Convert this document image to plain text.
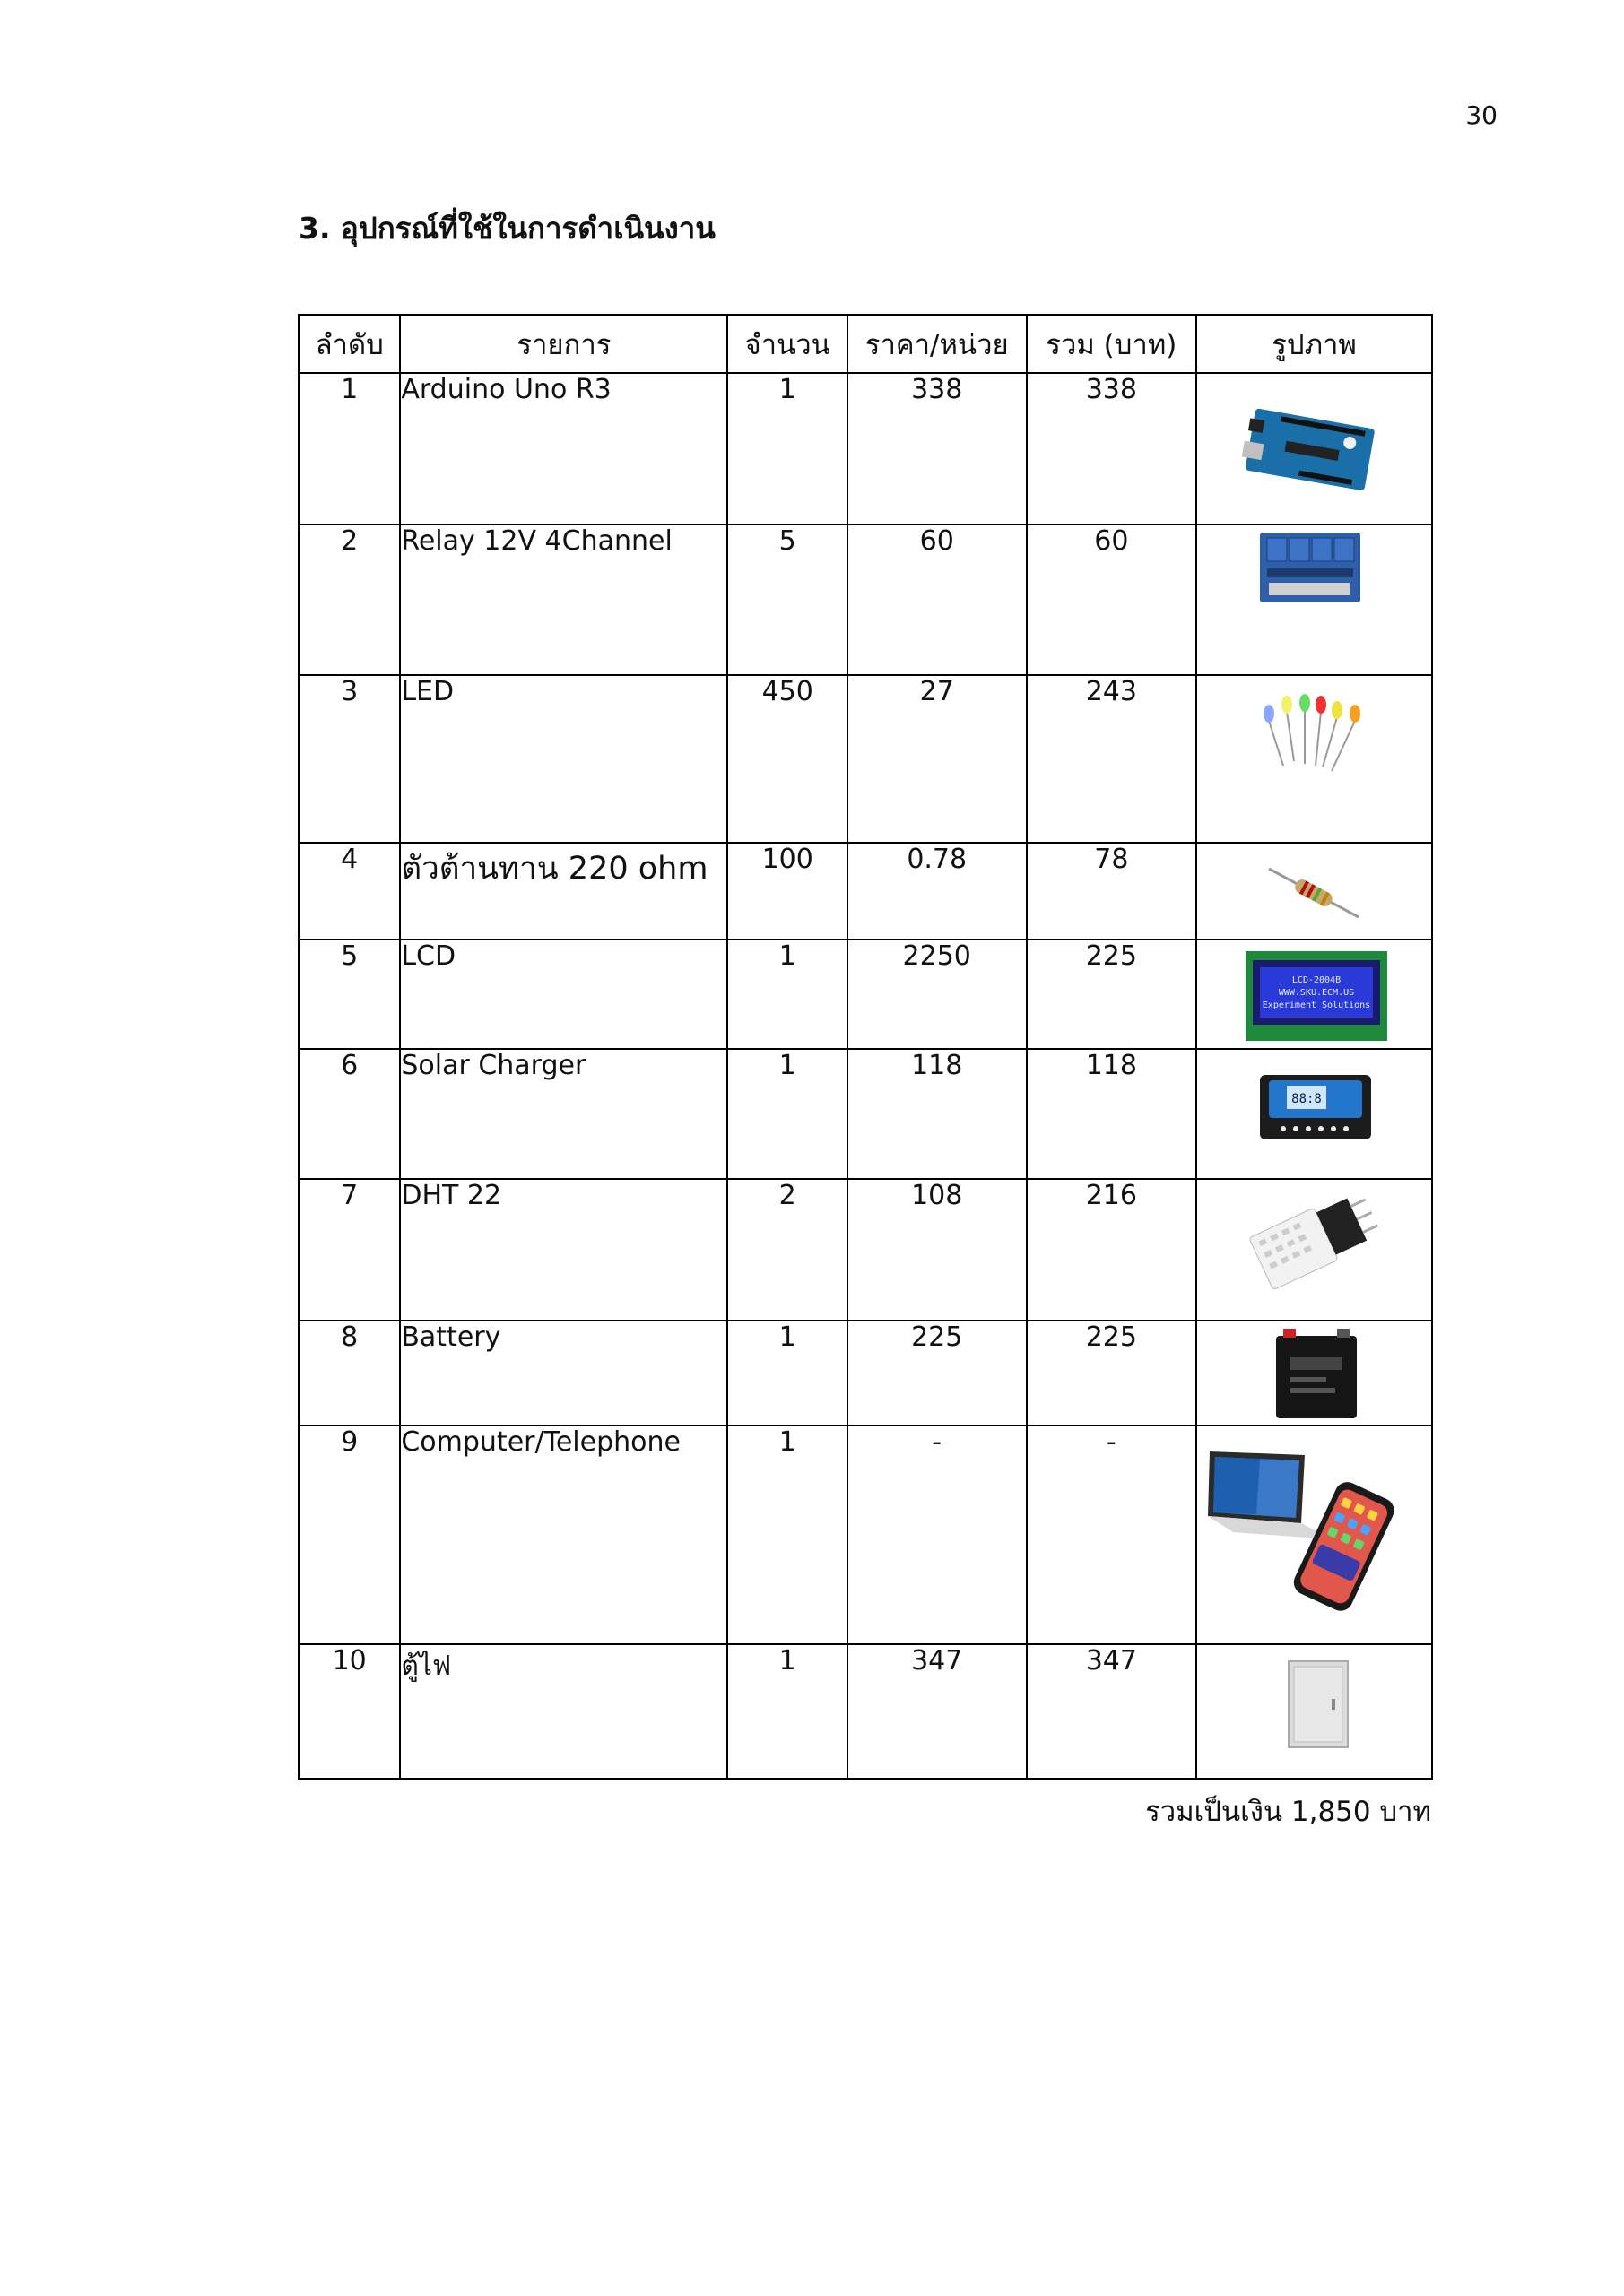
30
3. อุปกรณ์ที่ใช้ในการดำเนินงาน
ลำดับ	รายการ	จำนวน	ราคา/หน่วย	รวม (บาท)	รูปภาพ
1	Arduino Uno R3	1	338	338	

2	Relay 12V 4Channel	5	60	60	

3	LED	450	27	243	

4	ตัวต้านทาน 220 ohm	100	0.78	78	

5	LCD	1	2250	225	LCD-2004B
WWW.SKU.ECM.US
Experiment Solutions

6	Solar Charger	1	118	118	88:8

7	DHT 22	2	108	216	

8	Battery	1	225	225	

9	Computer/Telephone	1	-	-	

10	ตู้ไฟ	1	347	347	
รวมเป็นเงิน 1,850 บาท
